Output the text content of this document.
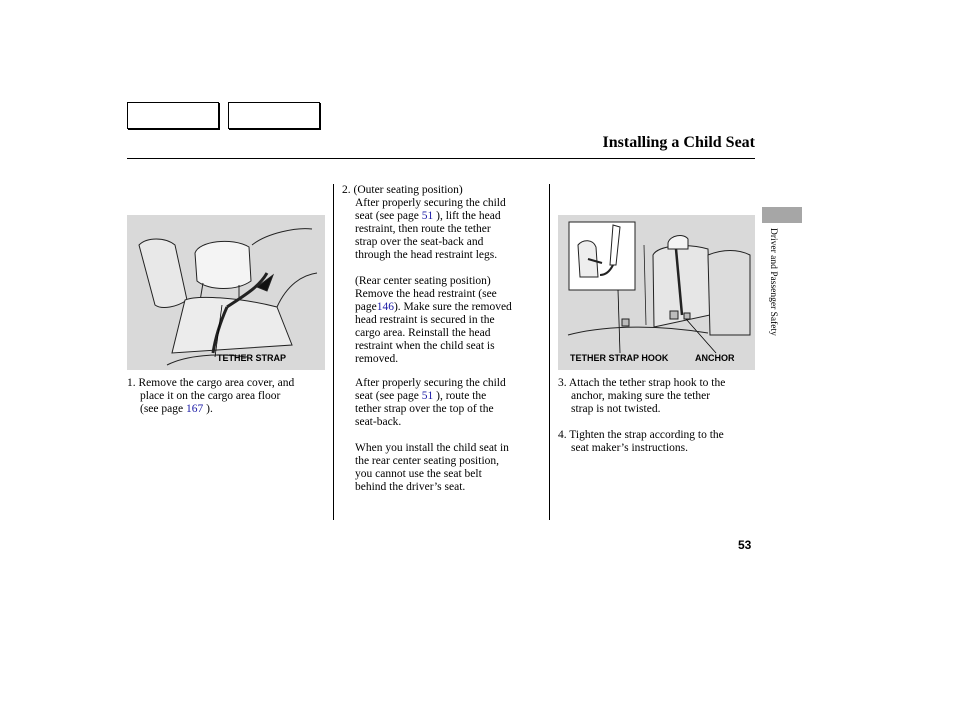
Installing a Child Seat
TETHER STRAP	TETHER STRAP HOOK	ANCHOR
1. Remove the cargo area cover, and
place it on the cargo area floor
(see page 167 ).
2. (Outer seating position)
After properly securing the child
seat (see page 51 ), lift the head
restraint, then route the tether
strap over the seat-back and
through the head restraint legs.
(Rear center seating position)
Remove the head restraint (see
page146). Make sure the removed
head restraint is secured in the
cargo area. Reinstall the head
restraint when the child seat is
removed.
After properly securing the child
seat (see page 51 ), route the
tether strap over the top of the
seat-back.
When you install the child seat in
the rear center seating position,
you cannot use the seat belt
behind the driver’s seat.
3. Attach the tether strap hook to the
anchor, making sure the tether
strap is not twisted.
4. Tighten the strap according to the
seat maker’s instructions.
Driver and Passenger Safety
53
